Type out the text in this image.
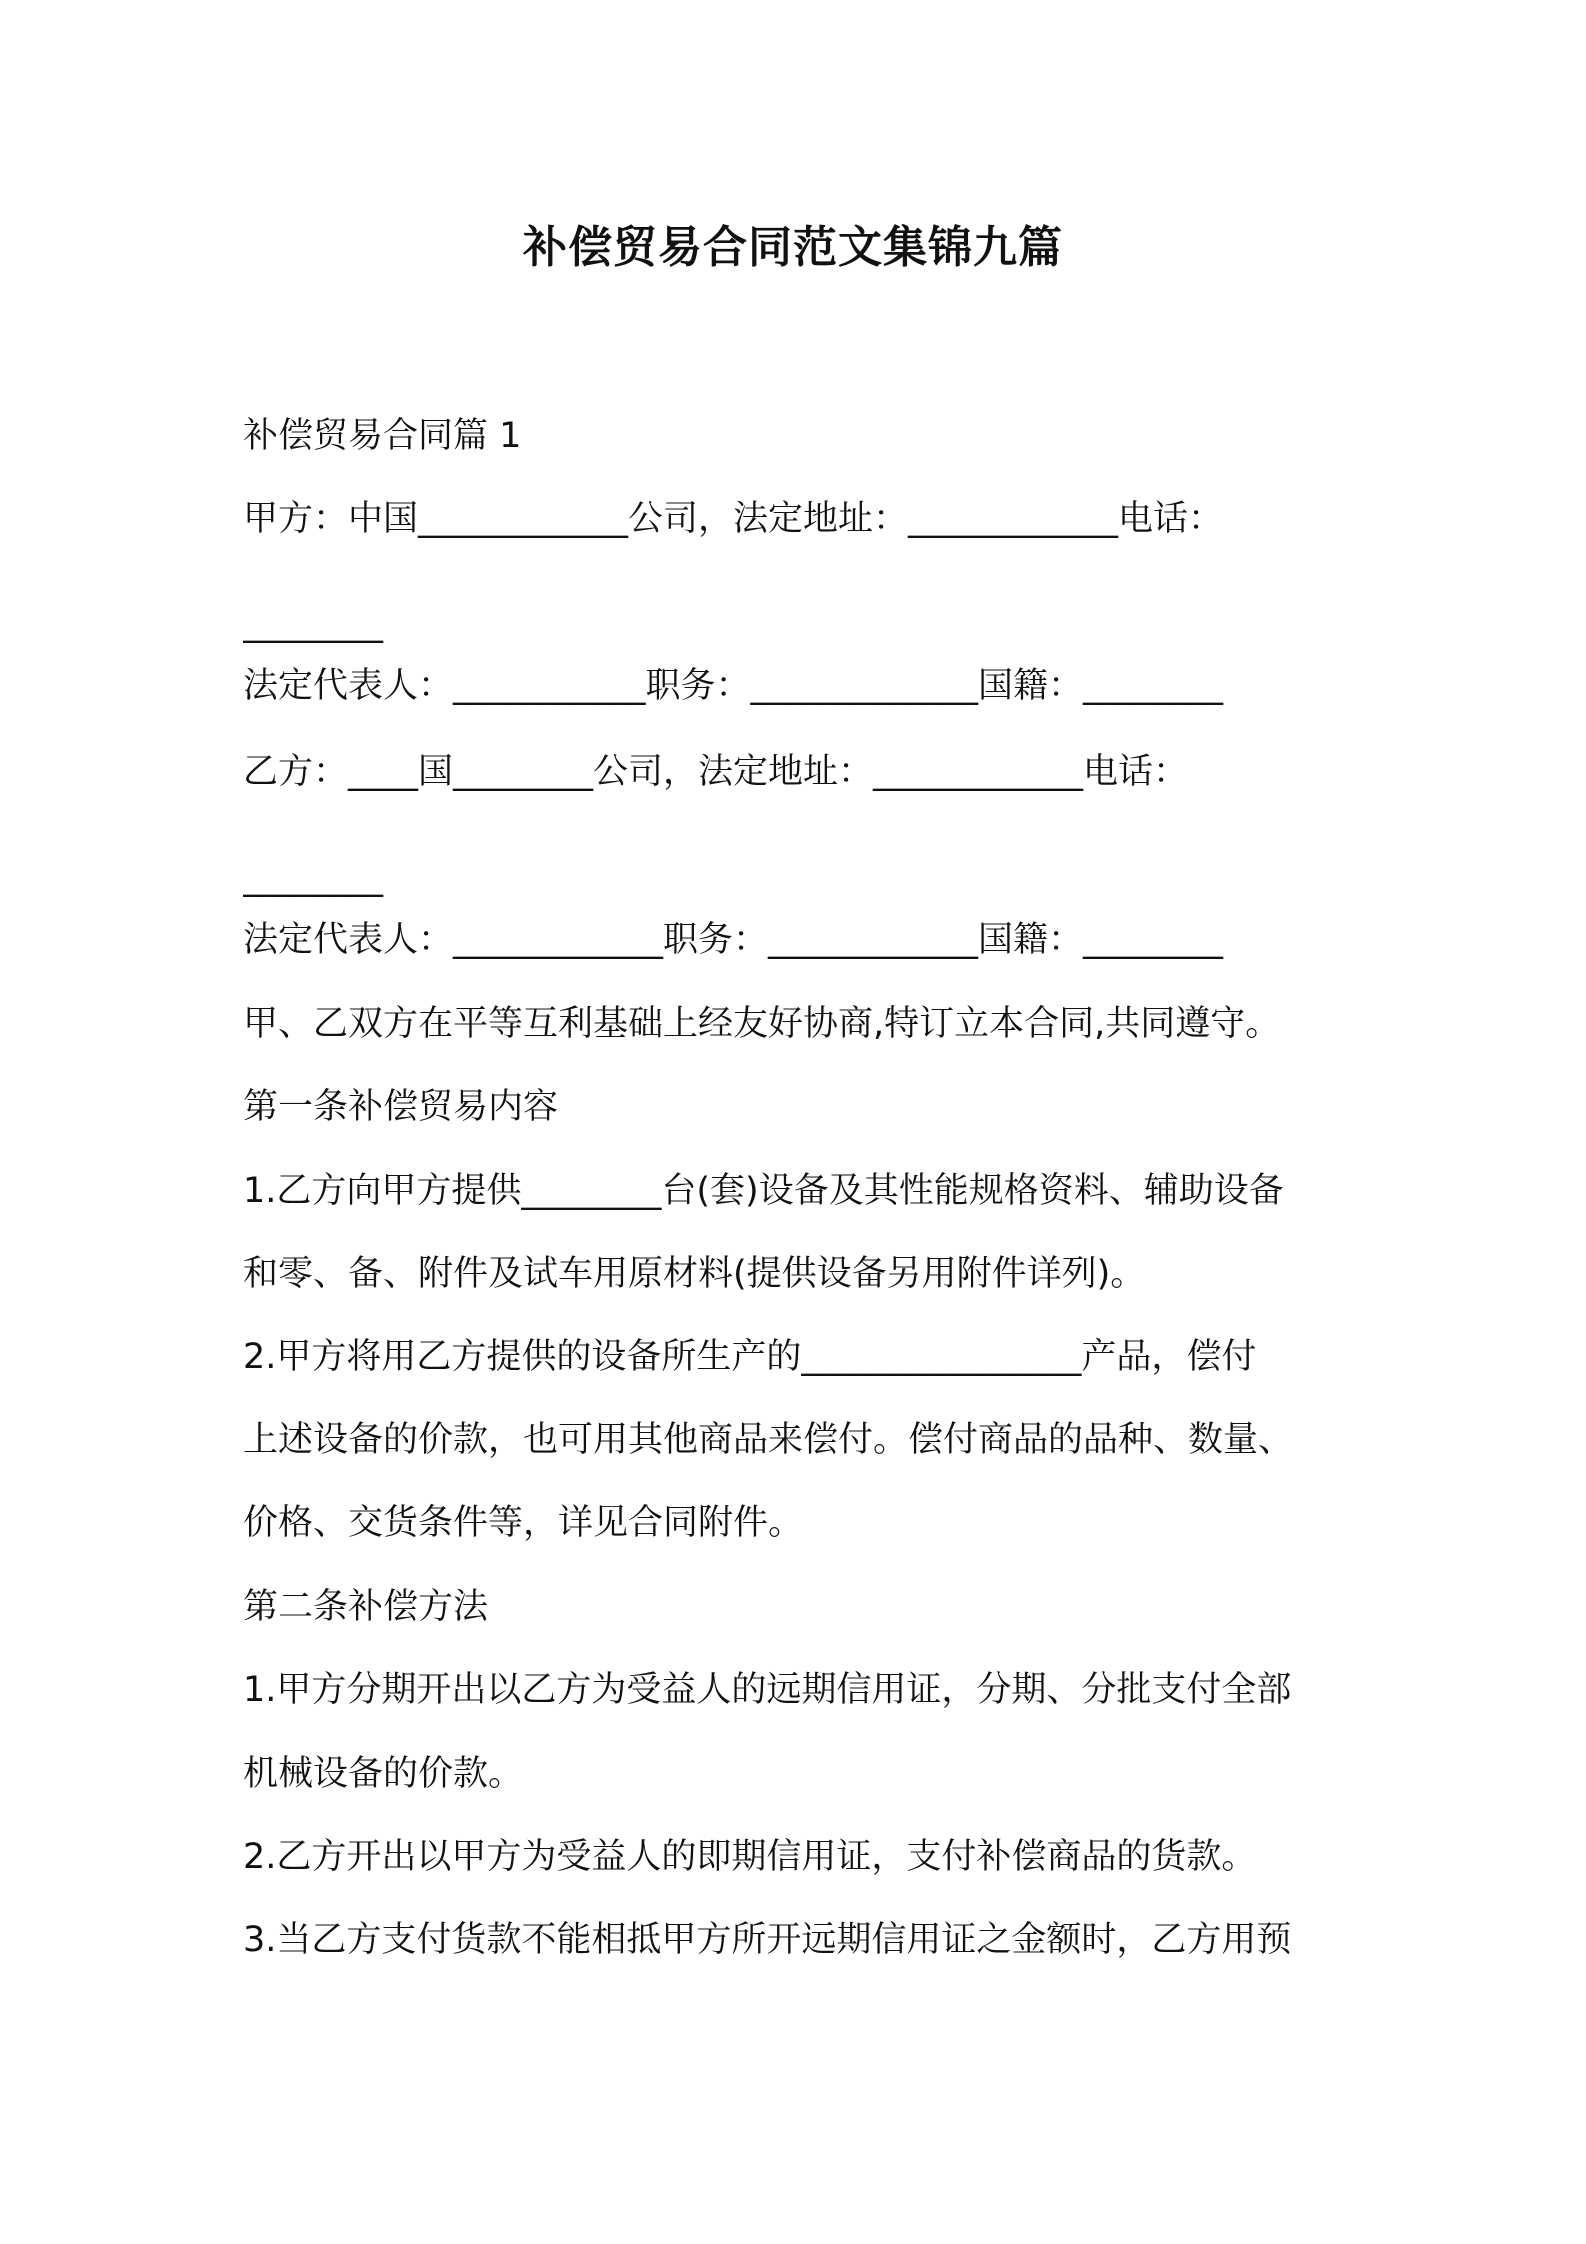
补偿贸易合同范文集锦九篇

补偿贸易合同篇 1

甲方：中国____________公司，法定地址：____________电话：

________

法定代表人：___________职务：_____________国籍：________

乙方：____国________公司，法定地址：____________电话：

________

法定代表人：____________职务：____________国籍：________

甲、乙双方在平等互利基础上经友好协商,特订立本合同,共同遵守。

第一条补偿贸易内容

1.乙方向甲方提供________台(套)设备及其性能规格资料、辅助设备

和零、备、附件及试车用原材料(提供设备另用附件详列)。

2.甲方将用乙方提供的设备所生产的________________产品，偿付

上述设备的价款，也可用其他商品来偿付。偿付商品的品种、数量、

价格、交货条件等，详见合同附件。

第二条补偿方法

1.甲方分期开出以乙方为受益人的远期信用证，分期、分批支付全部

机械设备的价款。

2.乙方开出以甲方为受益人的即期信用证，支付补偿商品的货款。

3.当乙方支付货款不能相抵甲方所开远期信用证之金额时，乙方用预
